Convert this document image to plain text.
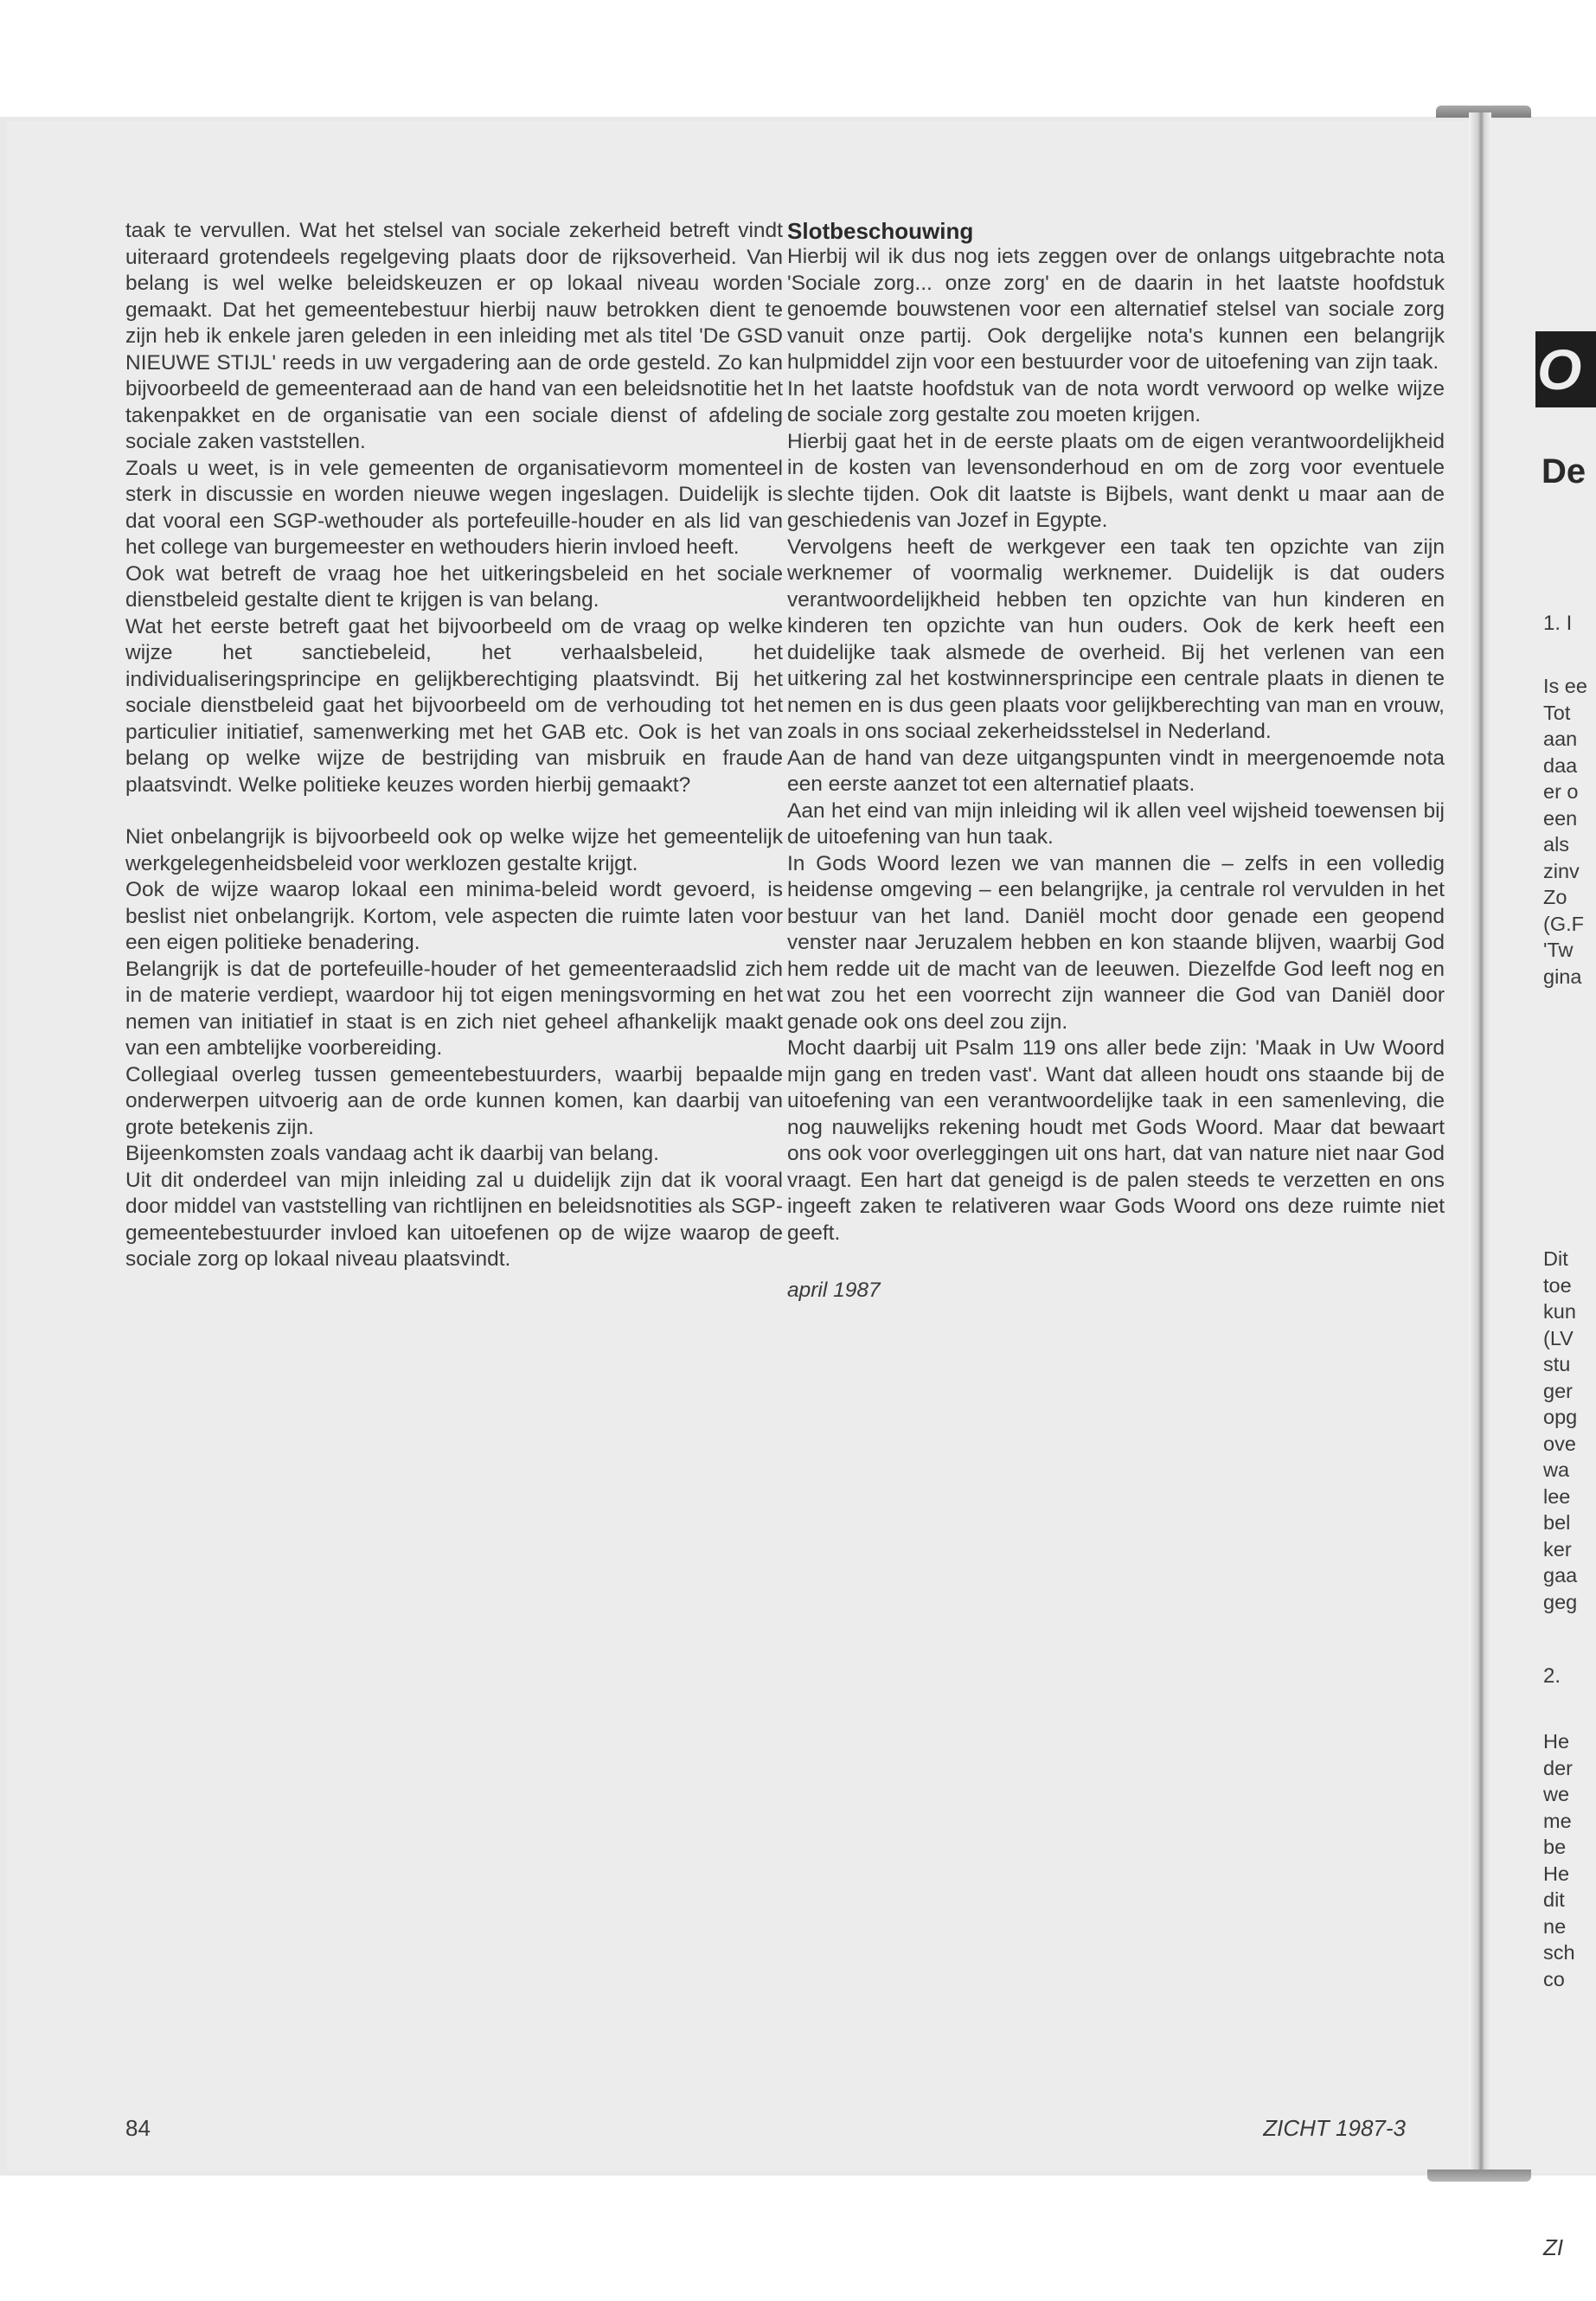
O
De
1. I
Is ee
Tot
aan
daa
er o
een
als
zinv
Zo
(G.F
'Tw
gina
Dit
toe
kun
(LV
stu
ger
opg
ove
wa
lee
bel
ker
gaa
geg
2.
He
der
we
me
be
He
dit
ne
sch
co
ZI

taak te vervullen. Wat het stelsel van sociale zekerheid betreft vindt uiteraard grotendeels regelgeving plaats door de rijksoverheid. Van belang is wel welke beleidskeuzen er op lokaal niveau worden gemaakt. Dat het gemeentebestuur hierbij nauw betrokken dient te zijn heb ik enkele jaren geleden in een inleiding met als titel 'De GSD NIEUWE STIJL' reeds in uw vergadering aan de orde gesteld. Zo kan bijvoorbeeld de gemeenteraad aan de hand van een beleidsnotitie het takenpakket en de organisatie van een sociale dienst of afdeling sociale zaken vaststellen.

Zoals u weet, is in vele gemeenten de organisatievorm momenteel sterk in discussie en worden nieuwe wegen ingeslagen. Duidelijk is dat vooral een SGP-wethouder als portefeuille-houder en als lid van het college van burgemeester en wethouders hierin invloed heeft.

Ook wat betreft de vraag hoe het uitkeringsbeleid en het sociale dienstbeleid gestalte dient te krijgen is van belang.

Wat het eerste betreft gaat het bijvoorbeeld om de vraag op welke wijze het sanctiebeleid, het verhaalsbeleid, het individualiseringsprincipe en gelijkberechtiging plaatsvindt. Bij het sociale dienstbeleid gaat het bijvoorbeeld om de verhouding tot het particulier initiatief, samenwerking met het GAB etc. Ook is het van belang op welke wijze de bestrijding van misbruik en fraude plaatsvindt. Welke politieke keuzes worden hierbij gemaakt?

Niet onbelangrijk is bijvoorbeeld ook op welke wijze het gemeentelijk werkgelegenheidsbeleid voor werklozen gestalte krijgt.

Ook de wijze waarop lokaal een minima-beleid wordt gevoerd, is beslist niet onbelangrijk. Kortom, vele aspecten die ruimte laten voor een eigen politieke benadering.

Belangrijk is dat de portefeuille-houder of het gemeenteraadslid zich in de materie verdiept, waardoor hij tot eigen meningsvorming en het nemen van initiatief in staat is en zich niet geheel afhankelijk maakt van een ambtelijke voorbereiding.

Collegiaal overleg tussen gemeentebestuurders, waarbij bepaalde onderwerpen uitvoerig aan de orde kunnen komen, kan daarbij van grote betekenis zijn.

Bijeenkomsten zoals vandaag acht ik daarbij van belang.

Uit dit onderdeel van mijn inleiding zal u duidelijk zijn dat ik vooral door middel van vaststelling van richtlijnen en beleidsnotities als SGP-gemeentebestuurder invloed kan uitoefenen op de wijze waarop de sociale zorg op lokaal niveau plaatsvindt.

Slotbeschouwing

Hierbij wil ik dus nog iets zeggen over de onlangs uitgebrachte nota 'Sociale zorg... onze zorg' en de daarin in het laatste hoofdstuk genoemde bouwstenen voor een alternatief stelsel van sociale zorg vanuit onze partij. Ook dergelijke nota's kunnen een belangrijk hulpmiddel zijn voor een bestuurder voor de uitoefening van zijn taak.

In het laatste hoofdstuk van de nota wordt verwoord op welke wijze de sociale zorg gestalte zou moeten krijgen.

Hierbij gaat het in de eerste plaats om de eigen verantwoordelijkheid in de kosten van levensonderhoud en om de zorg voor eventuele slechte tijden. Ook dit laatste is Bijbels, want denkt u maar aan de geschiedenis van Jozef in Egypte.

Vervolgens heeft de werkgever een taak ten opzichte van zijn werknemer of voormalig werknemer. Duidelijk is dat ouders verantwoordelijkheid hebben ten opzichte van hun kinderen en kinderen ten opzichte van hun ouders. Ook de kerk heeft een duidelijke taak alsmede de overheid. Bij het verlenen van een uitkering zal het kostwinnersprincipe een centrale plaats in dienen te nemen en is dus geen plaats voor gelijkberechting van man en vrouw, zoals in ons sociaal zekerheidsstelsel in Nederland.

Aan de hand van deze uitgangspunten vindt in meergenoemde nota een eerste aanzet tot een alternatief plaats.

Aan het eind van mijn inleiding wil ik allen veel wijsheid toewensen bij de uitoefening van hun taak.

In Gods Woord lezen we van mannen die – zelfs in een volledig heidense omgeving – een belangrijke, ja centrale rol vervulden in het bestuur van het land. Daniël mocht door genade een geopend venster naar Jeruzalem hebben en kon staande blijven, waarbij God hem redde uit de macht van de leeuwen. Diezelfde God leeft nog en wat zou het een voorrecht zijn wanneer die God van Daniël door genade ook ons deel zou zijn.

Mocht daarbij uit Psalm 119 ons aller bede zijn: 'Maak in Uw Woord mijn gang en treden vast'. Want dat alleen houdt ons staande bij de uitoefening van een verantwoordelijke taak in een samenleving, die nog nauwelijks rekening houdt met Gods Woord. Maar dat bewaart ons ook voor overleggingen uit ons hart, dat van nature niet naar God vraagt. Een hart dat geneigd is de palen steeds te verzetten en ons ingeeft zaken te relativeren waar Gods Woord ons deze ruimte niet geeft.

april 1987

84	ZICHT 1987-3
